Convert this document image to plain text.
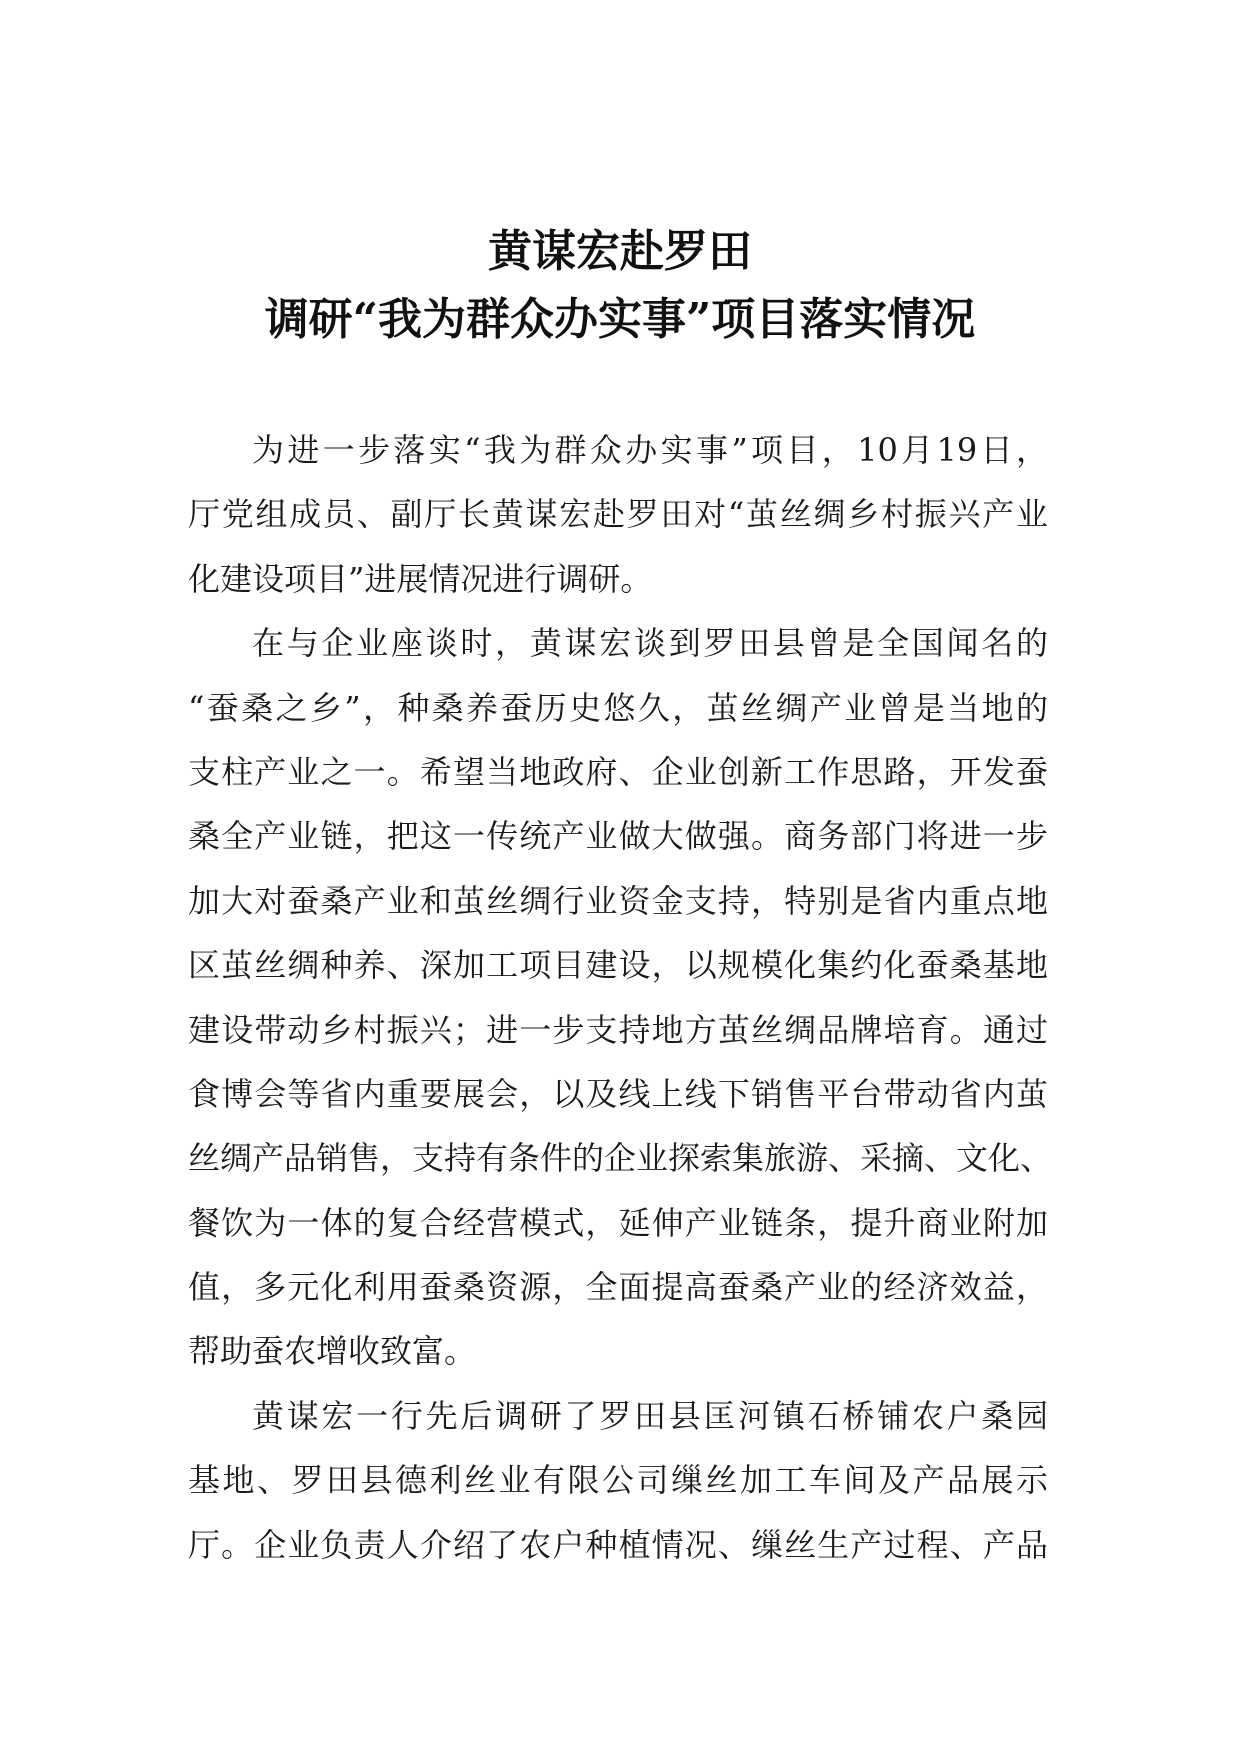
黄谋宏赴罗田
调研“我为群众办实事”项目落实情况
为进一步落实“我为群众办实事”项目，10月19日，
厅党组成员、副厅长黄谋宏赴罗田对“茧丝绸乡村振兴产业
化建设项目”进展情况进行调研。
在与企业座谈时，黄谋宏谈到罗田县曾是全国闻名的
“蚕桑之乡”，种桑养蚕历史悠久，茧丝绸产业曾是当地的
支柱产业之一。希望当地政府、企业创新工作思路，开发蚕
桑全产业链，把这一传统产业做大做强。商务部门将进一步
加大对蚕桑产业和茧丝绸行业资金支持，特别是省内重点地
区茧丝绸种养、深加工项目建设，以规模化集约化蚕桑基地
建设带动乡村振兴；进一步支持地方茧丝绸品牌培育。通过
食博会等省内重要展会，以及线上线下销售平台带动省内茧
丝绸产品销售，支持有条件的企业探索集旅游、采摘、文化、
餐饮为一体的复合经营模式，延伸产业链条，提升商业附加
值，多元化利用蚕桑资源，全面提高蚕桑产业的经济效益，
帮助蚕农增收致富。
黄谋宏一行先后调研了罗田县匡河镇石桥铺农户桑园
基地、罗田县德利丝业有限公司缫丝加工车间及产品展示
厅。企业负责人介绍了农户种植情况、缫丝生产过程、产品
